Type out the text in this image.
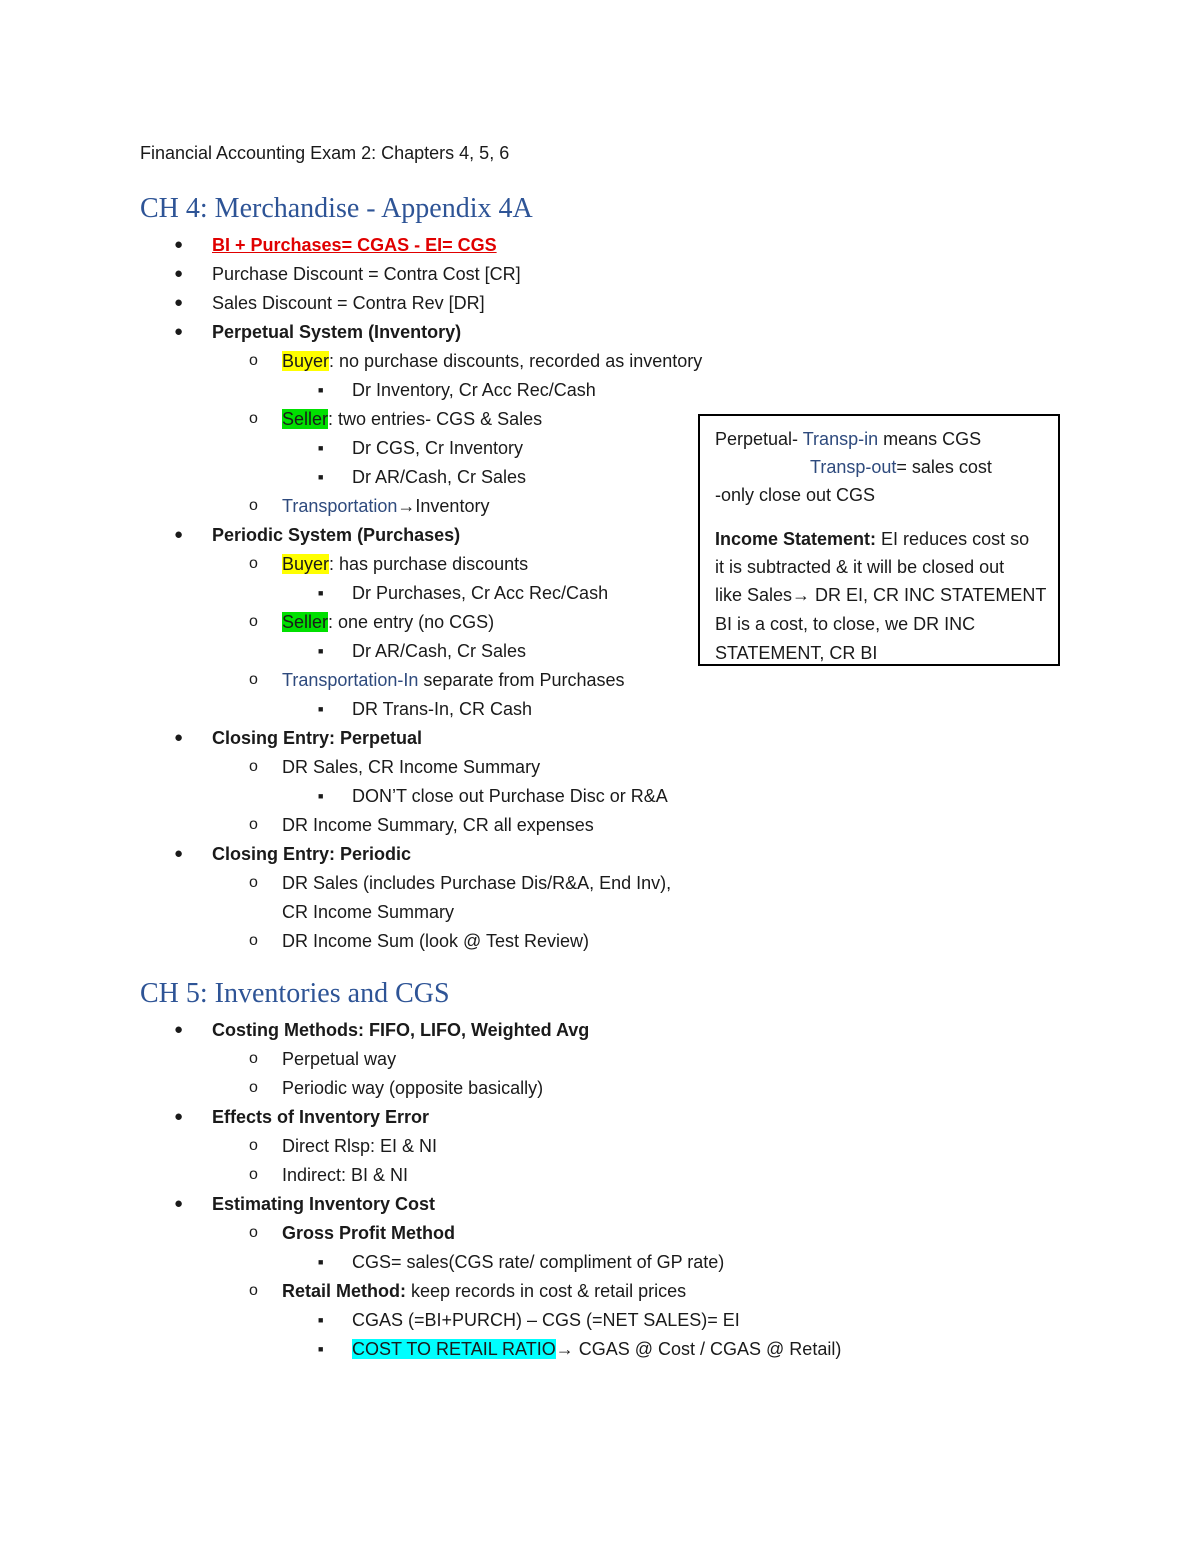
Financial Accounting Exam 2: Chapters 4, 5, 6
CH 4: Merchandise - Appendix 4A
● BI + Purchases= CGAS - EI= CGS
● Purchase Discount = Contra Cost [CR]
● Sales Discount = Contra Rev [DR]
● Perpetual System (Inventory)
o Buyer: no purchase discounts, recorded as inventory
■ Dr Inventory, Cr Acc Rec/Cash
o Seller: two entries- CGS & Sales
■ Dr CGS, Cr Inventory
■ Dr AR/Cash, Cr Sales
o Transportation→Inventory
● Periodic System (Purchases)
o Buyer: has purchase discounts
■ Dr Purchases, Cr Acc Rec/Cash
o Seller: one entry (no CGS)
■ Dr AR/Cash, Cr Sales
o Transportation-In separate from Purchases
■ DR Trans-In, CR Cash
● Closing Entry: Perpetual
o DR Sales, CR Income Summary
■ DON’T close out Purchase Disc or R&A
o DR Income Summary, CR all expenses
● Closing Entry: Periodic
o DR Sales (includes Purchase Dis/R&A, End Inv),
CR Income Summary
o DR Income Sum (look @ Test Review)
Perpetual- Transp-in means CGS
Transp-out= sales cost
-only close out CGS
Income Statement: EI reduces cost so
it is subtracted & it will be closed out
like Sales→ DR EI, CR INC STATEMENT
BI is a cost, to close, we DR INC
STATEMENT, CR BI
CH 5: Inventories and CGS
● Costing Methods: FIFO, LIFO, Weighted Avg
o Perpetual way
o Periodic way (opposite basically)
● Effects of Inventory Error
o Direct Rlsp: EI & NI
o Indirect: BI & NI
● Estimating Inventory Cost
o Gross Profit Method
■ CGS= sales(CGS rate/ compliment of GP rate)
o Retail Method: keep records in cost & retail prices
■ CGAS (=BI+PURCH) – CGS (=NET SALES)= EI
■ COST TO RETAIL RATIO→ CGAS @ Cost / CGAS @ Retail)
